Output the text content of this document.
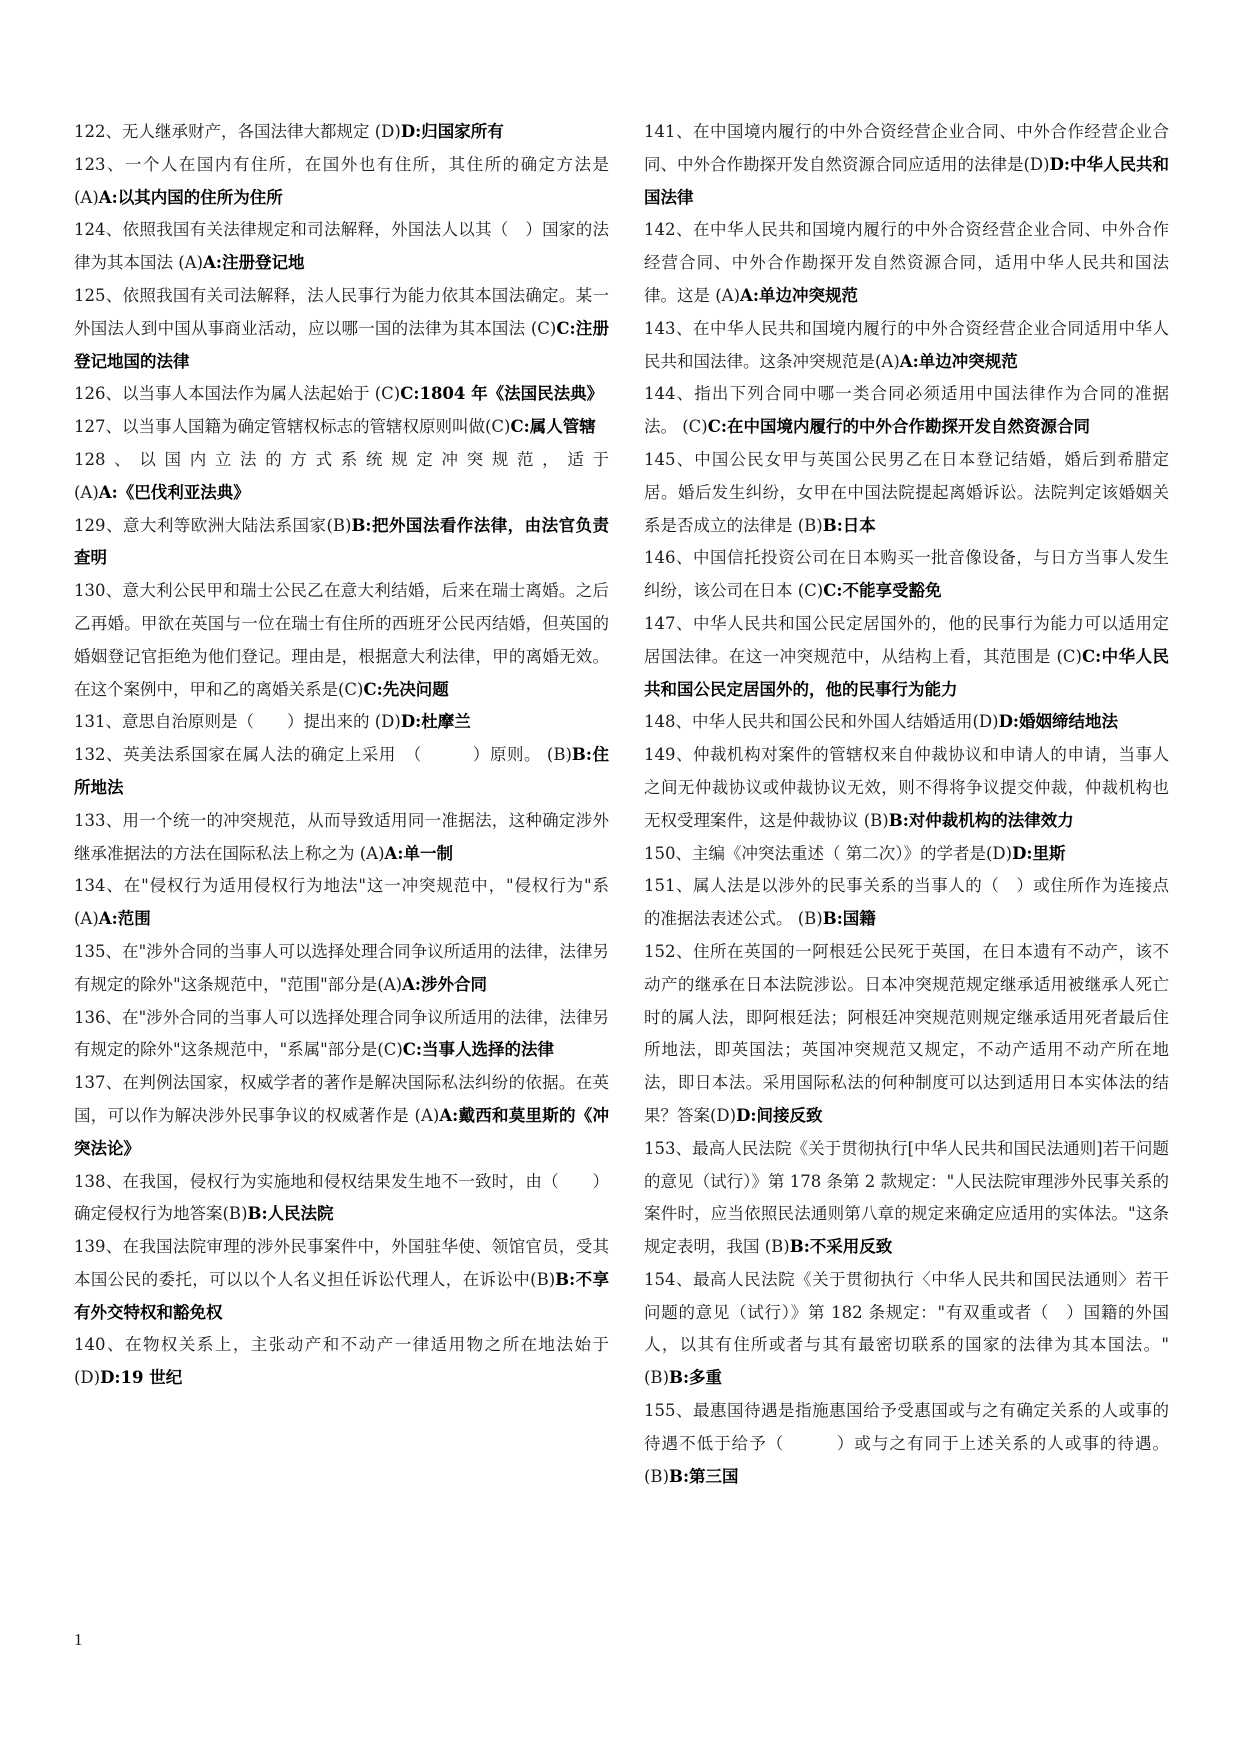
122、无人继承财产，各国法律大都规定 (D)D:归国家所有

123、一个人在国内有住所，在国外也有住所，其住所的确定方法是 (A)A:以其内国的住所为住所

124、依照我国有关法律规定和司法解释，外国法人以其（　）国家的法律为其本国法 (A)A:注册登记地

125、依照我国有关司法解释，法人民事行为能力依其本国法确定。某一外国法人到中国从事商业活动，应以哪一国的法律为其本国法 (C)C:注册登记地国的法律

126、以当事人本国法作为属人法起始于 (C)C:1804 年《法国民法典》

127、以当事人国籍为确定管辖权标志的管辖权原则叫做(C)C:属人管辖

128、以国内立法的方式系统规定冲突规范，适于(A)A:《巴伐利亚法典》

129、意大利等欧洲大陆法系国家(B)B:把外国法看作法律，由法官负责查明

130、意大利公民甲和瑞士公民乙在意大利结婚，后来在瑞士离婚。之后乙再婚。甲欲在英国与一位在瑞士有住所的西班牙公民丙结婚，但英国的婚姻登记官拒绝为他们登记。理由是，根据意大利法律，甲的离婚无效。在这个案例中，甲和乙的离婚关系是(C)C:先决问题

131、意思自治原则是（　　）提出来的 (D)D:杜摩兰

132、英美法系国家在属人法的确定上采用　（　　　）原则。 (B)B:住所地法

133、用一个统一的冲突规范，从而导致适用同一准据法，这种确定涉外继承准据法的方法在国际私法上称之为 (A)A:单一制

134、在"侵权行为适用侵权行为地法"这一冲突规范中，"侵权行为"系 (A)A:范围

135、在"涉外合同的当事人可以选择处理合同争议所适用的法律，法律另有规定的除外"这条规范中，"范围"部分是(A)A:涉外合同

136、在"涉外合同的当事人可以选择处理合同争议所适用的法律，法律另有规定的除外"这条规范中，"系属"部分是(C)C:当事人选择的法律

137、在判例法国家，权威学者的著作是解决国际私法纠纷的依据。在英国，可以作为解决涉外民事争议的权威著作是 (A)A:戴西和莫里斯的《冲突法论》

138、在我国，侵权行为实施地和侵权结果发生地不一致时，由（　　）确定侵权行为地答案(B)B:人民法院

139、在我国法院审理的涉外民事案件中，外国驻华使、领馆官员，受其本国公民的委托，可以以个人名义担任诉讼代理人，在诉讼中(B)B:不享有外交特权和豁免权

140、在物权关系上，主张动产和不动产一律适用物之所在地法始于 (D)D:19 世纪

141、在中国境内履行的中外合资经营企业合同、中外合作经营企业合同、中外合作勘探开发自然资源合同应适用的法律是(D)D:中华人民共和国法律

142、在中华人民共和国境内履行的中外合资经营企业合同、中外合作经营合同、中外合作勘探开发自然资源合同，适用中华人民共和国法律。这是 (A)A:单边冲突规范

143、在中华人民共和国境内履行的中外合资经营企业合同适用中华人民共和国法律。这条冲突规范是(A)A:单边冲突规范

144、指出下列合同中哪一类合同必须适用中国法律作为合同的准据法。 (C)C:在中国境内履行的中外合作勘探开发自然资源合同

145、中国公民女甲与英国公民男乙在日本登记结婚，婚后到希腊定居。婚后发生纠纷，女甲在中国法院提起离婚诉讼。法院判定该婚姻关系是否成立的法律是 (B)B:日本

146、中国信托投资公司在日本购买一批音像设备，与日方当事人发生纠纷，该公司在日本 (C)C:不能享受豁免

147、中华人民共和国公民定居国外的，他的民事行为能力可以适用定居国法律。在这一冲突规范中，从结构上看，其范围是 (C)C:中华人民共和国公民定居国外的，他的民事行为能力

148、中华人民共和国公民和外国人结婚适用(D)D:婚姻缔结地法

149、仲裁机构对案件的管辖权来自仲裁协议和申请人的申请，当事人之间无仲裁协议或仲裁协议无效，则不得将争议提交仲裁，仲裁机构也无权受理案件，这是仲裁协议 (B)B:对仲裁机构的法律效力

150、主编《冲突法重述（ 第二次）》的学者是(D)D:里斯

151、属人法是以涉外的民事关系的当事人的（　）或住所作为连接点的准据法表述公式。 (B)B:国籍

152、住所在英国的一阿根廷公民死于英国，在日本遗有不动产，该不动产的继承在日本法院涉讼。日本冲突规范规定继承适用被继承人死亡时的属人法，即阿根廷法；阿根廷冲突规范则规定继承适用死者最后住所地法，即英国法；英国冲突规范又规定，不动产适用不动产所在地法，即日本法。采用国际私法的何种制度可以达到适用日本实体法的结果？答案(D)D:间接反致

153、最高人民法院《关于贯彻执行[中华人民共和国民法通则]若干问题的意见（试行）》第 178 条第 2 款规定："人民法院审理涉外民事关系的案件时，应当依照民法通则第八章的规定来确定应适用的实体法。"这条规定表明，我国 (B)B:不采用反致

154、最高人民法院《关于贯彻执行〈中华人民共和国民法通则〉若干问题的意见（试行）》第 182 条规定："有双重或者（　）国籍的外国人，以其有住所或者与其有最密切联系的国家的法律为其本国法。" (B)B:多重

155、最惠国待遇是指施惠国给予受惠国或与之有确定关系的人或事的待遇不低于给予（　　　）或与之有同于上述关系的人或事的待遇。 (B)B:第三国

1
